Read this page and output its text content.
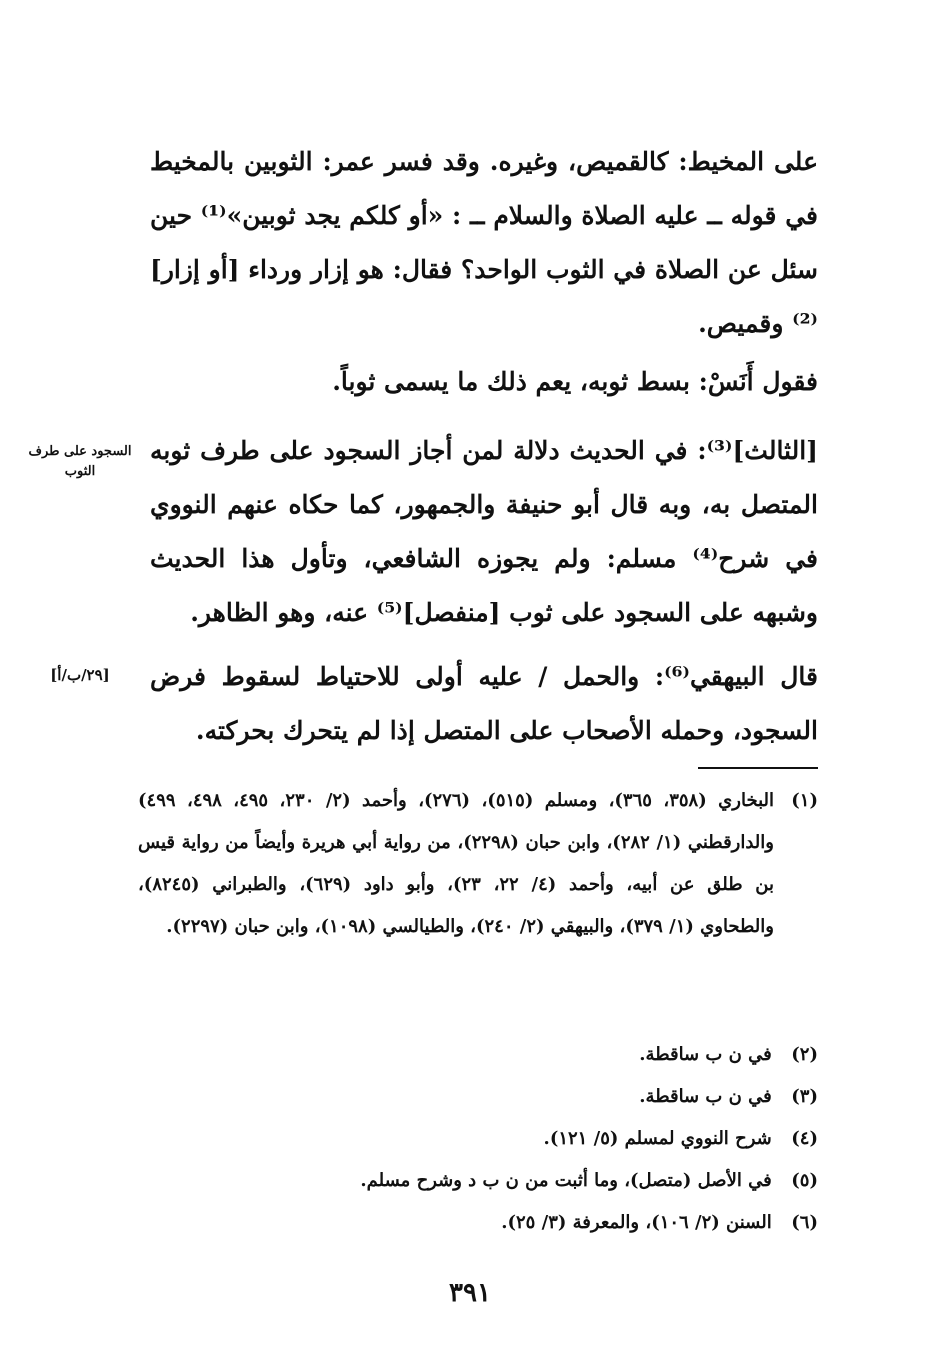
على المخيط: كالقميص، وغيره. وقد فسر عمر: الثوبين بالمخيط في قوله ــ عليه الصلاة والسلام ــ : «أو كلكم يجد ثوبين»⁽¹⁾ حين سئل عن الصلاة في الثوب الواحد؟ فقال: هو إزار ورداء [أو إزار]⁽²⁾ وقميص.
فقول أَنَسْ: بسط ثوبه، يعم ذلك ما يسمى ثوباً.
[الثالث]⁽³⁾: في الحديث دلالة لمن أجاز السجود على طرف ثوبه المتصل به، وبه قال أبو حنيفة والجمهور، كما حكاه عنهم النووي في شرح⁽⁴⁾ مسلم: ولم يجوزه الشافعي، وتأول هذا الحديث وشبهه على السجود على ثوب [منفصل]⁽⁵⁾ عنه، وهو الظاهر.
قال البيهقي⁽⁶⁾: والحمل / عليه أولى للاحتياط لسقوط فرض السجود، وحمله الأصحاب على المتصل إذا لم يتحرك بحركته.
السجود على طرف الثوب
[٢٩/ب/أ]
(١)
البخاري (٣٥٨، ٣٦٥)، ومسلم (٥١٥)، (٢٧٦)، وأحمد (٢/ ٢٣٠، ٤٩٥، ٤٩٨، ٤٩٩) والدارقطني (١/ ٢٨٢)، وابن حبان (٢٢٩٨)، من رواية أبي هريرة وأيضاً من رواية قيس بن طلق عن أبيه، وأحمد (٤/ ٢٢، ٢٣)، وأبو داود (٦٢٩)، والطبراني (٨٢٤٥)، والطحاوي (١/ ٣٧٩)، والبيهقي (٢/ ٢٤٠)، والطيالسي (١٠٩٨)، وابن حبان (٢٢٩٧).
(٢) في ن ب ساقطة.
(٣) في ن ب ساقطة.
(٤) شرح النووي لمسلم (٥/ ١٢١).
(٥) في الأصل (متصل)، وما أثبت من ن ب د وشرح مسلم.
(٦) السنن (٢/ ١٠٦)، والمعرفة (٣/ ٢٥).
٣٩١
